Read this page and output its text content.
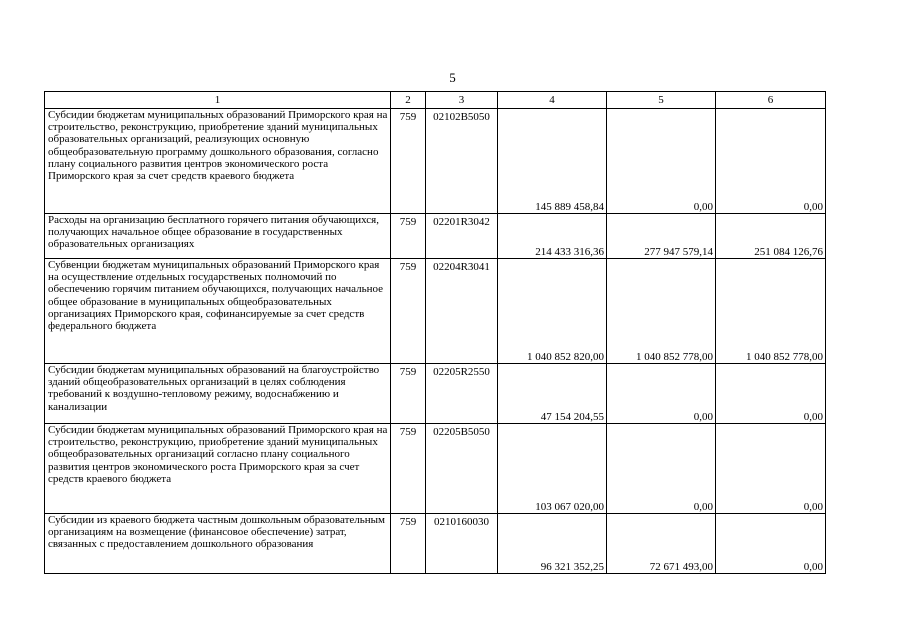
5
1	2	3	4	5	6
Субсидии бюджетам муниципальных образований Приморского края на строительство, реконструкцию, приобретение зданий муниципальных образовательных организаций, реализующих основную общеобразовательную программу дошкольного образования, согласно плану социального развития центров экономического роста Приморского края за счет средств краевого бюджета	759	02102B5050	145 889 458,84	0,00	0,00
Расходы на организацию бесплатного горячего питания обучающихся, получающих начальное общее образование в государственных образовательных организациях	759	02201R3042	214 433 316,36	277 947 579,14	251 084 126,76
Субвенции бюджетам муниципальных образований Приморского края на осуществление отдельных государственых полномочий по обеспечению горячим питанием обучающихся, получающих начальное общее образование в муниципальных общеобразовательных организациях Приморского края, софинансируемые за счет средств федерального бюджета	759	02204R3041	1 040 852 820,00	1 040 852 778,00	1 040 852 778,00
Субсидии бюджетам муниципальных образований на благоустройство зданий общеобразовательных организаций в целях соблюдения требований к воздушно-тепловому режиму, водоснабжению и канализации	759	02205R2550	47 154 204,55	0,00	0,00
Субсидии бюджетам муниципальных образований Приморского края на строительство, реконструкцию, приобретение зданий муниципальных общеобразовательных организаций согласно плану социального развития центров экономического роста Приморского края за счет средств краевого бюджета	759	02205B5050	103 067 020,00	0,00	0,00
Субсидии из краевого бюджета частным дошкольным образовательным организациям на возмещение (финансовое обеспечение) затрат, связанных с предоставлением дошкольного образования	759	0210160030	96 321 352,25	72 671 493,00	0,00
